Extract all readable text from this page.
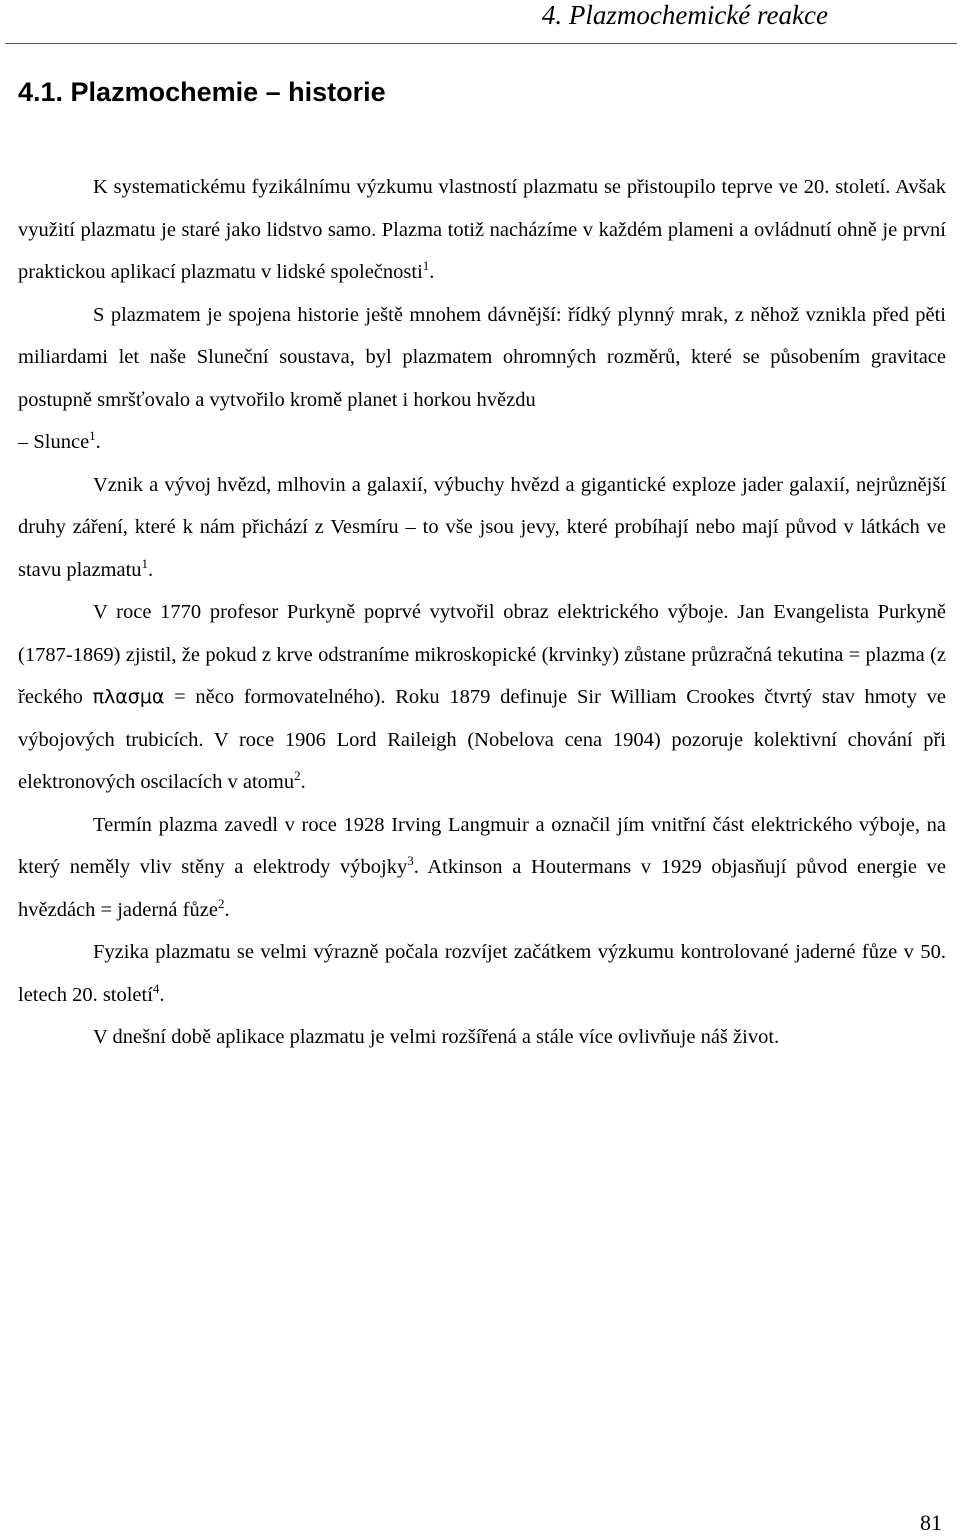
4. Plazmochemické reakce
4.1. Plazmochemie – historie

K systematickému fyzikálnímu výzkumu vlastností plazmatu se přistoupilo teprve ve 20. století. Avšak využití plazmatu je staré jako lidstvo samo. Plazma totiž nacházíme v každém plameni a ovládnutí ohně je první praktickou aplikací plazmatu v lidské společnosti$^1$.

S plazmatem je spojena historie ještě mnohem dávnější: řídký plynný mrak, z něhož vznikla před pěti miliardami let naše Sluneční soustava, byl plazmatem ohromných rozměrů, které se působením gravitace postupně smršťovalo a vytvořilo kromě planet i horkou hvězdu
– Slunce$^1$.

Vznik a vývoj hvězd, mlhovin a galaxií, výbuchy hvězd a gigantické exploze jader galaxií, nejrůznější druhy záření, které k nám přichází z Vesmíru – to vše jsou jevy, které probíhají nebo mají původ v látkách ve stavu plazmatu$^1$.

V roce 1770 profesor Purkyně poprvé vytvořil obraz elektrického výboje. Jan Evangelista Purkyně (1787-1869) zjistil, že pokud z krve odstraníme mikroskopické (krvinky) zůstane průzračná tekutina = plazma (z řeckého πλασμα = něco formovatelného). Roku 1879 definuje Sir William Crookes čtvrtý stav hmoty ve výbojových trubicích. V roce 1906 Lord Raileigh (Nobelova cena 1904) pozoruje kolektivní chování při elektronových oscilacích v atomu$^2$.

Termín plazma zavedl v roce 1928 Irving Langmuir a označil jím vnitřní část elektrického výboje, na který neměly vliv stěny a elektrody výbojky$^3$. Atkinson a Houtermans v 1929 objasňují původ energie ve hvězdách = jaderná fůze$^2$.

Fyzika plazmatu se velmi výrazně počala rozvíjet začátkem výzkumu kontrolované jaderné fůze v 50. letech 20. století$^4$.

V dnešní době aplikace plazmatu je velmi rozšířená a stále více ovlivňuje náš život.

81
